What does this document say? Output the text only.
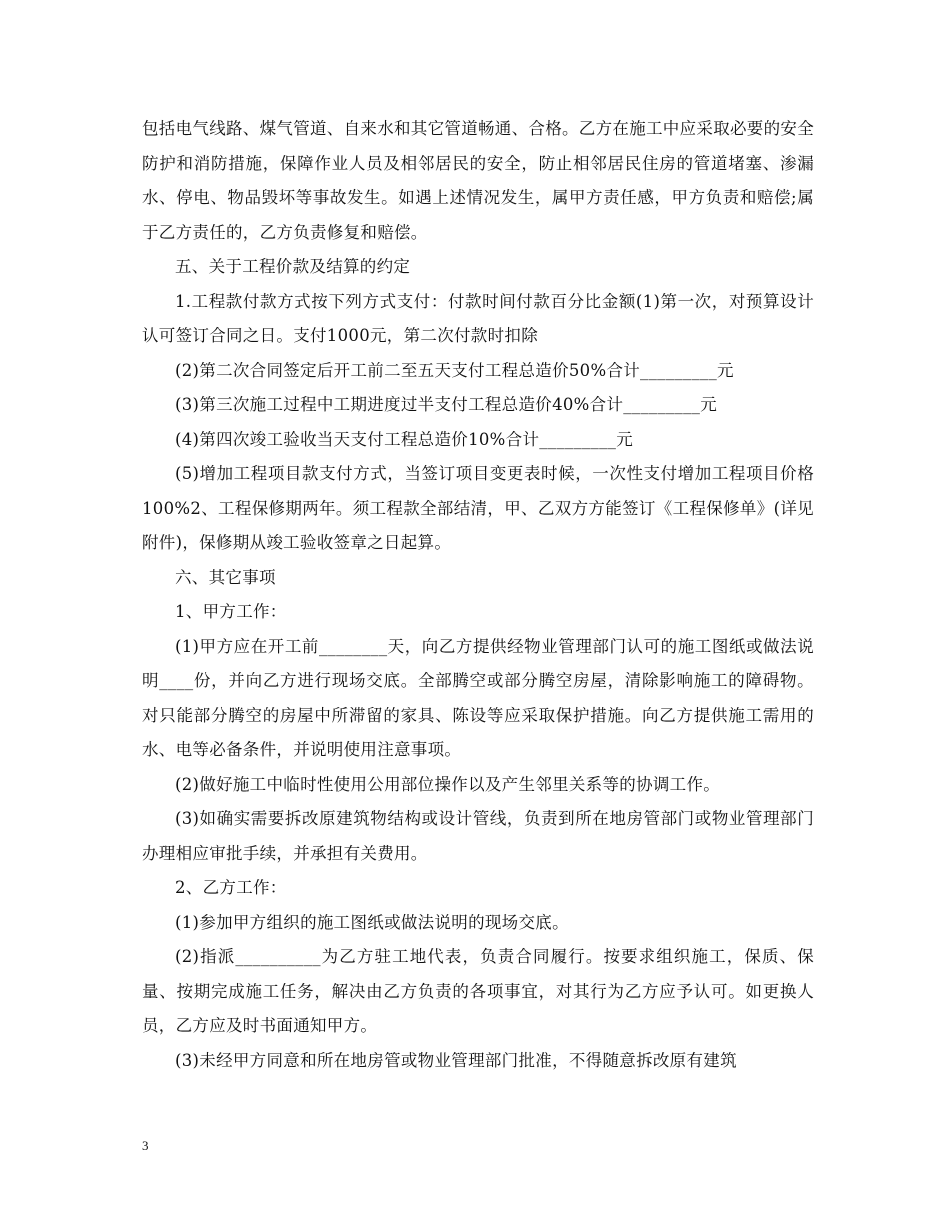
包括电气线路、煤气管道、自来水和其它管道畅通、合格。乙方在施工中应采取必要的安全防护和消防措施，保障作业人员及相邻居民的安全，防止相邻居民住房的管道堵塞、渗漏水、停电、物品毁坏等事故发生。如遇上述情况发生，属甲方责任感，甲方负责和赔偿;属于乙方责任的，乙方负责修复和赔偿。

五、关于工程价款及结算的约定

1.工程款付款方式按下列方式支付：付款时间付款百分比金额(1)第一次，对预算设计认可签订合同之日。支付1000元，第二次付款时扣除

(2)第二次合同签定后开工前二至五天支付工程总造价50%合计_________元

(3)第三次施工过程中工期进度过半支付工程总造价40%合计_________元

(4)第四次竣工验收当天支付工程总造价10%合计_________元

(5)增加工程项目款支付方式，当签订项目变更表时候，一次性支付增加工程项目价格100%2、工程保修期两年。须工程款全部结清，甲、乙双方方能签订《工程保修单》(详见附件)，保修期从竣工验收签章之日起算。

六、其它事项

1、甲方工作：

(1)甲方应在开工前________天，向乙方提供经物业管理部门认可的施工图纸或做法说明____份，并向乙方进行现场交底。全部腾空或部分腾空房屋，清除影响施工的障碍物。对只能部分腾空的房屋中所滞留的家具、陈设等应采取保护措施。向乙方提供施工需用的水、电等必备条件，并说明使用注意事项。

(2)做好施工中临时性使用公用部位操作以及产生邻里关系等的协调工作。

(3)如确实需要拆改原建筑物结构或设计管线，负责到所在地房管部门或物业管理部门办理相应审批手续，并承担有关费用。

2、乙方工作：

(1)参加甲方组织的施工图纸或做法说明的现场交底。

(2)指派__________为乙方驻工地代表，负责合同履行。按要求组织施工，保质、保量、按期完成施工任务，解决由乙方负责的各项事宜，对其行为乙方应予认可。如更换人员，乙方应及时书面通知甲方。

(3)未经甲方同意和所在地房管或物业管理部门批准，不得随意拆改原有建筑

3
